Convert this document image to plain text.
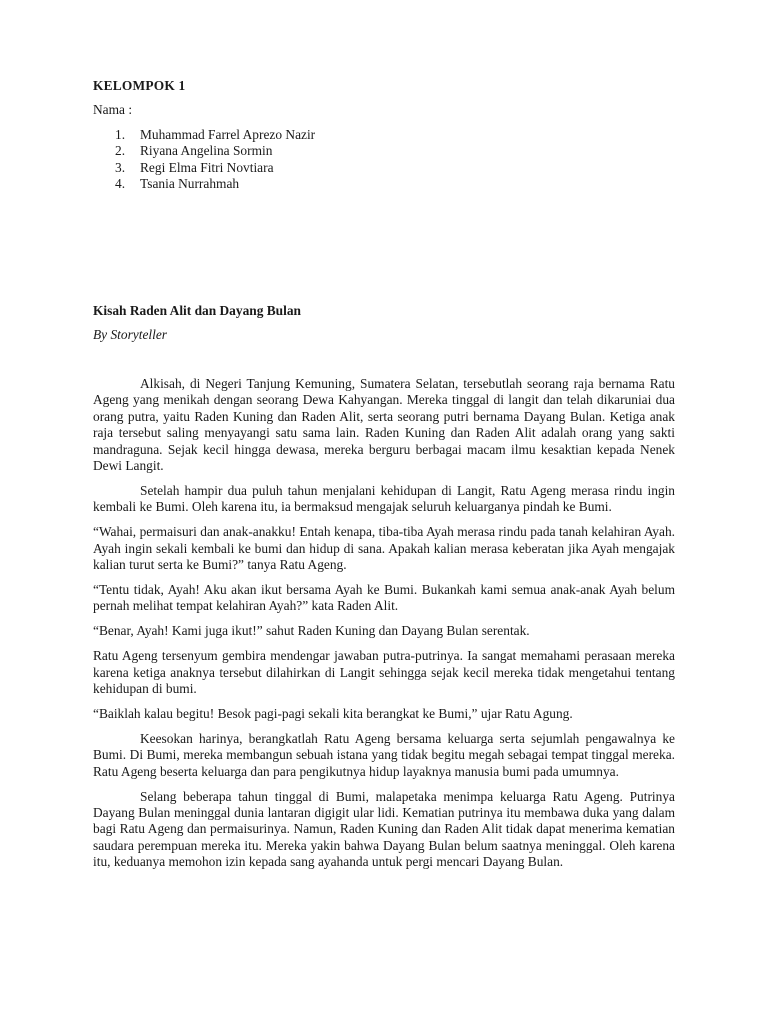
KELOMPOK 1

Nama :

1. Muhammad Farrel Aprezo Nazir
2. Riyana Angelina Sormin
3. Regi Elma Fitri Novtiara
4. Tsania Nurrahmah

Kisah Raden Alit dan Dayang Bulan

By Storyteller

Alkisah, di Negeri Tanjung Kemuning, Sumatera Selatan, tersebutlah seorang raja bernama Ratu Ageng yang menikah dengan seorang Dewa Kahyangan. Mereka tinggal di langit dan telah dikaruniai dua orang putra, yaitu Raden Kuning dan Raden Alit, serta seorang putri bernama Dayang Bulan. Ketiga anak raja tersebut saling menyayangi satu sama lain. Raden Kuning dan Raden Alit adalah orang yang sakti mandraguna. Sejak kecil hingga dewasa, mereka berguru berbagai macam ilmu kesaktian kepada Nenek Dewi Langit.

Setelah hampir dua puluh tahun menjalani kehidupan di Langit, Ratu Ageng merasa rindu ingin kembali ke Bumi. Oleh karena itu, ia bermaksud mengajak seluruh keluarganya pindah ke Bumi.

“Wahai, permaisuri dan anak-anakku! Entah kenapa, tiba-tiba Ayah merasa rindu pada tanah kelahiran Ayah. Ayah ingin sekali kembali ke bumi dan hidup di sana. Apakah kalian merasa keberatan jika Ayah mengajak kalian turut serta ke Bumi?” tanya Ratu Ageng.

“Tentu tidak, Ayah! Aku akan ikut bersama Ayah ke Bumi. Bukankah kami semua anak-anak Ayah belum pernah melihat tempat kelahiran Ayah?” kata Raden Alit.

“Benar, Ayah! Kami juga ikut!” sahut Raden Kuning dan Dayang Bulan serentak.

Ratu Ageng tersenyum gembira mendengar jawaban putra-putrinya. Ia sangat memahami perasaan mereka karena ketiga anaknya tersebut dilahirkan di Langit sehingga sejak kecil mereka tidak mengetahui tentang kehidupan di bumi.

“Baiklah kalau begitu! Besok pagi-pagi sekali kita berangkat ke Bumi,” ujar Ratu Agung.

Keesokan harinya, berangkatlah Ratu Ageng bersama keluarga serta sejumlah pengawalnya ke Bumi. Di Bumi, mereka membangun sebuah istana yang tidak begitu megah sebagai tempat tinggal mereka. Ratu Ageng beserta keluarga dan para pengikutnya hidup layaknya manusia bumi pada umumnya.

Selang beberapa tahun tinggal di Bumi, malapetaka menimpa keluarga Ratu Ageng. Putrinya Dayang Bulan meninggal dunia lantaran digigit ular lidi. Kematian putrinya itu membawa duka yang dalam bagi Ratu Ageng dan permaisurinya. Namun, Raden Kuning dan Raden Alit tidak dapat menerima kematian saudara perempuan mereka itu. Mereka yakin bahwa Dayang Bulan belum saatnya meninggal. Oleh karena itu, keduanya memohon izin kepada sang ayahanda untuk pergi mencari Dayang Bulan.
